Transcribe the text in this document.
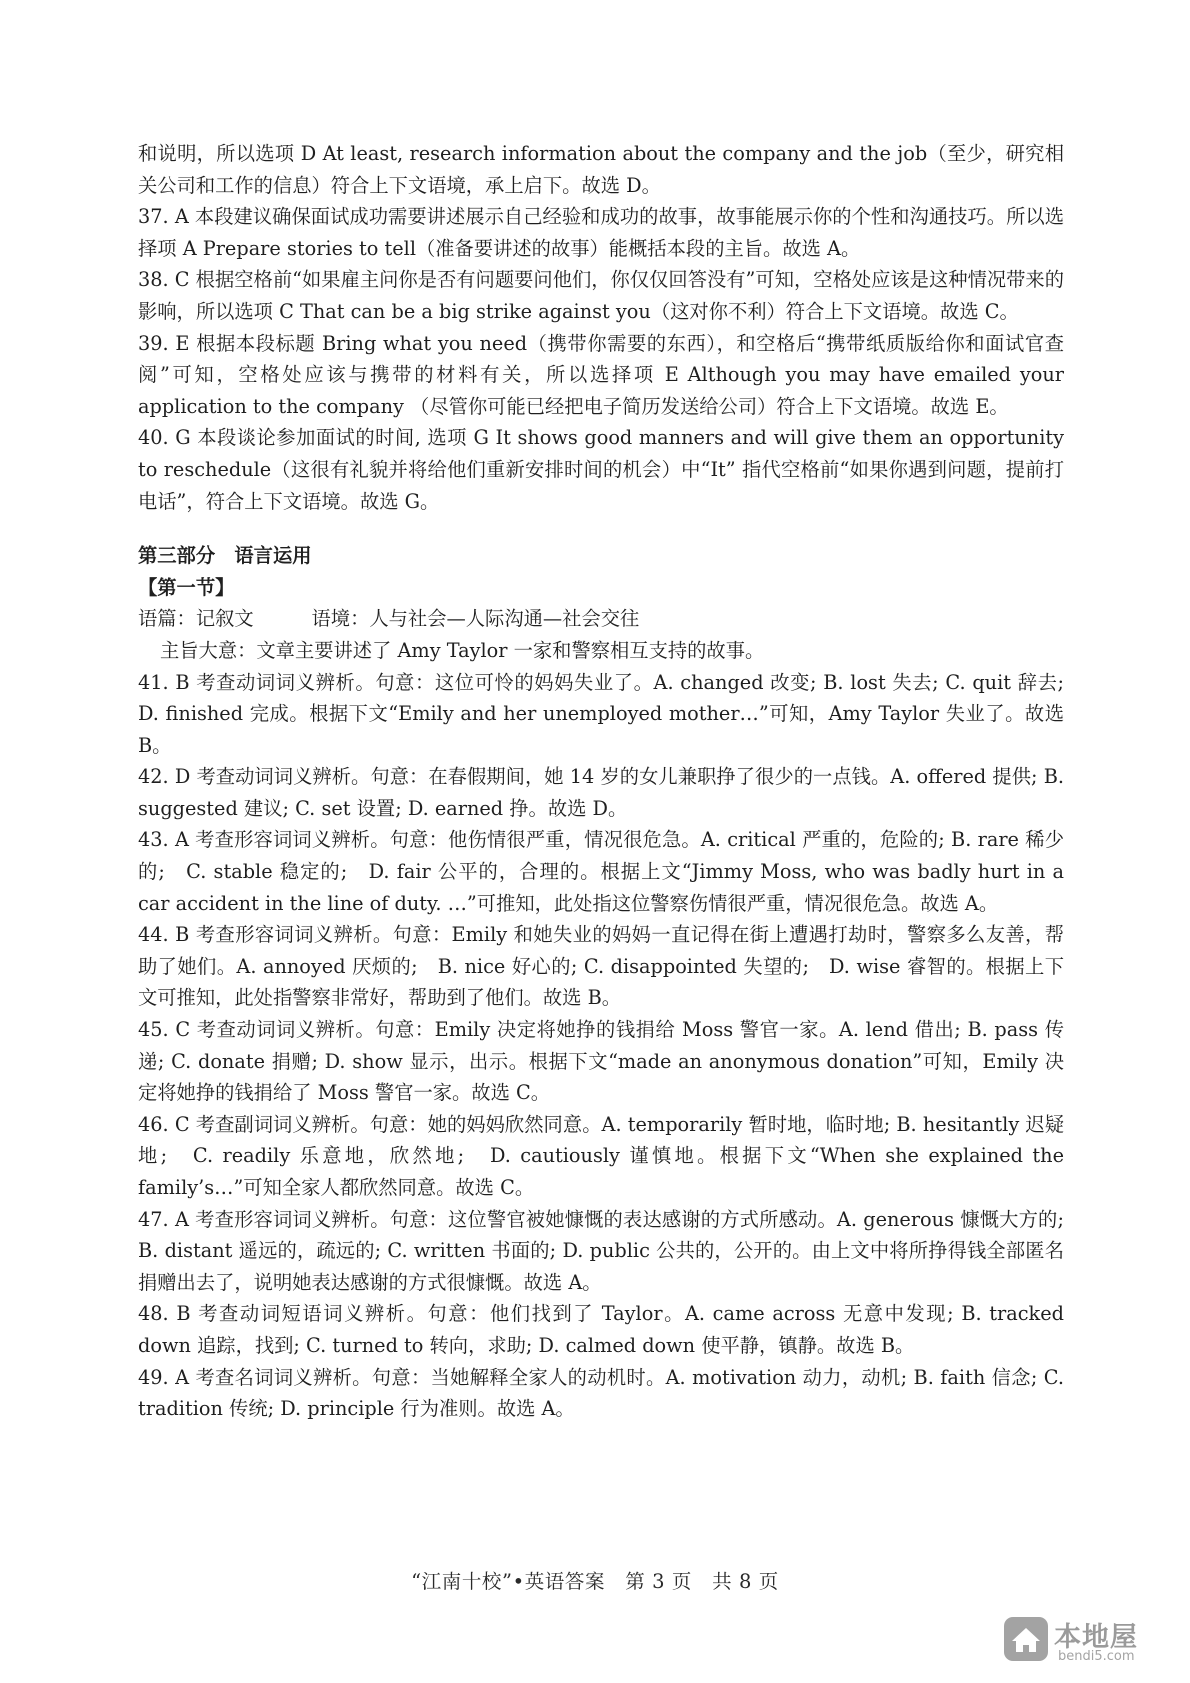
和说明，所以选项 D At least, research information about the company and the job（至少，研究相关公司和工作的信息）符合上下文语境，承上启下。故选 D。

37. A 本段建议确保面试成功需要讲述展示自己经验和成功的故事，故事能展示你的个性和沟通技巧。所以选择项 A Prepare stories to tell（准备要讲述的故事）能概括本段的主旨。故选 A。

38. C 根据空格前“如果雇主问你是否有问题要问他们，你仅仅回答没有”可知，空格处应该是这种情况带来的影响，所以选项 C That can be a big strike against you（这对你不利）符合上下文语境。故选 C。

39. E 根据本段标题 Bring what you need（携带你需要的东西），和空格后“携带纸质版给你和面试官查阅”可知，空格处应该与携带的材料有关，所以选择项 E Although you may have emailed your application to the company （尽管你可能已经把电子简历发送给公司）符合上下文语境。故选 E。

40. G 本段谈论参加面试的时间, 选项 G It shows good manners and will give them an opportunity to reschedule（这很有礼貌并将给他们重新安排时间的机会）中“It” 指代空格前“如果你遇到问题，提前打电话”，符合上下文语境。故选 G。

第三部分　语言运用

【第一节】

语篇：记叙文　　　语境：人与社会—人际沟通—社会交往

主旨大意：文章主要讲述了 Amy Taylor 一家和警察相互支持的故事。

41. B 考查动词词义辨析。句意：这位可怜的妈妈失业了。A. changed 改变; B. lost 失去; C. quit 辞去; D. finished 完成。根据下文“Emily and her unemployed mother…”可知，Amy Taylor 失业了。故选 B。

42. D 考查动词词义辨析。句意：在春假期间，她 14 岁的女儿兼职挣了很少的一点钱。A. offered 提供; B. suggested 建议; C. set 设置; D. earned 挣。故选 D。

43. A 考查形容词词义辨析。句意：他伤情很严重，情况很危急。A. critical 严重的，危险的; B. rare 稀少的;　C. stable 稳定的;　D. fair 公平的，合理的。根据上文“Jimmy Moss, who was badly hurt in a car accident in the line of duty. …”可推知，此处指这位警察伤情很严重，情况很危急。故选 A。

44. B 考查形容词词义辨析。句意：Emily 和她失业的妈妈一直记得在街上遭遇打劫时，警察多么友善，帮助了她们。A. annoyed 厌烦的;　B. nice 好心的; C. disappointed 失望的;　D. wise 睿智的。根据上下文可推知，此处指警察非常好，帮助到了他们。故选 B。

45. C 考查动词词义辨析。句意：Emily 决定将她挣的钱捐给 Moss 警官一家。A. lend 借出; B. pass 传递; C. donate 捐赠; D. show 显示，出示。根据下文“made an anonymous donation”可知，Emily 决定将她挣的钱捐给了 Moss 警官一家。故选 C。

46. C 考查副词词义辨析。句意：她的妈妈欣然同意。A. temporarily 暂时地，临时地; B. hesitantly 迟疑地;　C. readily 乐意地，欣然地;　D. cautiously 谨慎地。根据下文“When she explained the family’s…”可知全家人都欣然同意。故选 C。

47. A 考查形容词词义辨析。句意：这位警官被她慷慨的表达感谢的方式所感动。A. generous 慷慨大方的; B. distant 遥远的，疏远的; C. written 书面的; D. public 公共的，公开的。由上文中将所挣得钱全部匿名捐赠出去了，说明她表达感谢的方式很慷慨。故选 A。

48. B 考查动词短语词义辨析。句意：他们找到了 Taylor。A. came across 无意中发现; B. tracked down 追踪，找到; C. turned to 转向，求助; D. calmed down 使平静，镇静。故选 B。

49. A 考查名词词义辨析。句意：当她解释全家人的动机时。A. motivation 动力，动机; B. faith 信念; C. tradition 传统; D. principle 行为准则。故选 A。

“江南十校”•英语答案　第 3 页　共 8 页
本地屋
bendi5.com
